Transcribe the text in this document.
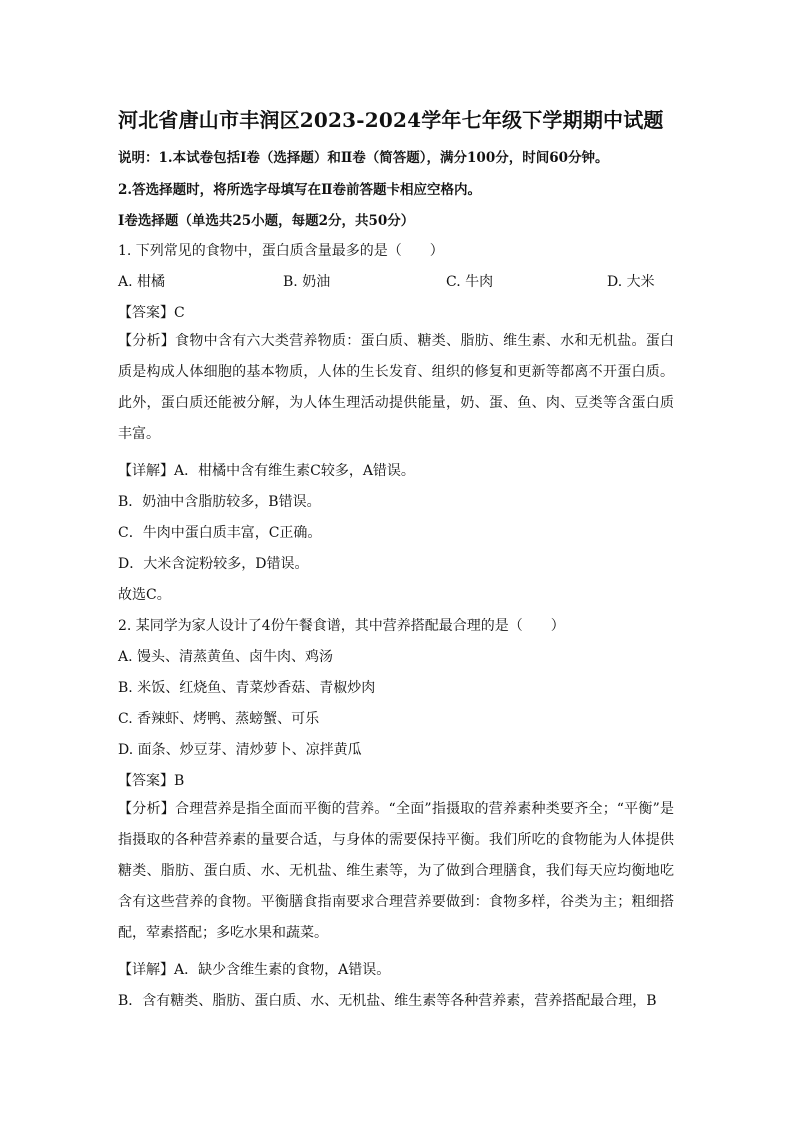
河北省唐山市丰润区2023-2024学年七年级下学期期中试题
说明：1.本试卷包括Ⅰ卷（选择题）和Ⅱ卷（简答题），满分100分，时间60分钟。
2.答选择题时，将所选字母填写在Ⅱ卷前答题卡相应空格内。
Ⅰ卷选择题（单选共25小题，每题2分，共50分）
1. 下列常见的食物中，蛋白质含量最多的是（　　）
A. 柑橘	B. 奶油	C. 牛肉	D. 大米
【答案】C
【分析】食物中含有六大类营养物质：蛋白质、糖类、脂肪、维生素、水和无机盐。蛋白质是构成人体细胞的基本物质，人体的生长发育、组织的修复和更新等都离不开蛋白质。此外，蛋白质还能被分解，为人体生理活动提供能量，奶、蛋、鱼、肉、豆类等含蛋白质丰富。
【详解】A．柑橘中含有维生素C较多，A错误。
B．奶油中含脂肪较多，B错误。
C．牛肉中蛋白质丰富，C正确。
D．大米含淀粉较多，D错误。
故选C。
2. 某同学为家人设计了4份午餐食谱，其中营养搭配最合理的是（　　）
A. 馒头、清蒸黄鱼、卤牛肉、鸡汤
B. 米饭、红烧鱼、青菜炒香菇、青椒炒肉
C. 香辣虾、烤鸭、蒸螃蟹、可乐
D. 面条、炒豆芽、清炒萝卜、凉拌黄瓜
【答案】B
【分析】合理营养是指全面而平衡的营养。“全面”指摄取的营养素种类要齐全；“平衡”是指摄取的各种营养素的量要合适，与身体的需要保持平衡。我们所吃的食物能为人体提供糖类、脂肪、蛋白质、水、无机盐、维生素等，为了做到合理膳食，我们每天应均衡地吃含有这些营养的食物。平衡膳食指南要求合理营养要做到：食物多样，谷类为主；粗细搭配，荤素搭配；多吃水果和蔬菜。
【详解】A．缺少含维生素的食物，A错误。
B．含有糖类、脂肪、蛋白质、水、无机盐、维生素等各种营养素，营养搭配最合理，B
